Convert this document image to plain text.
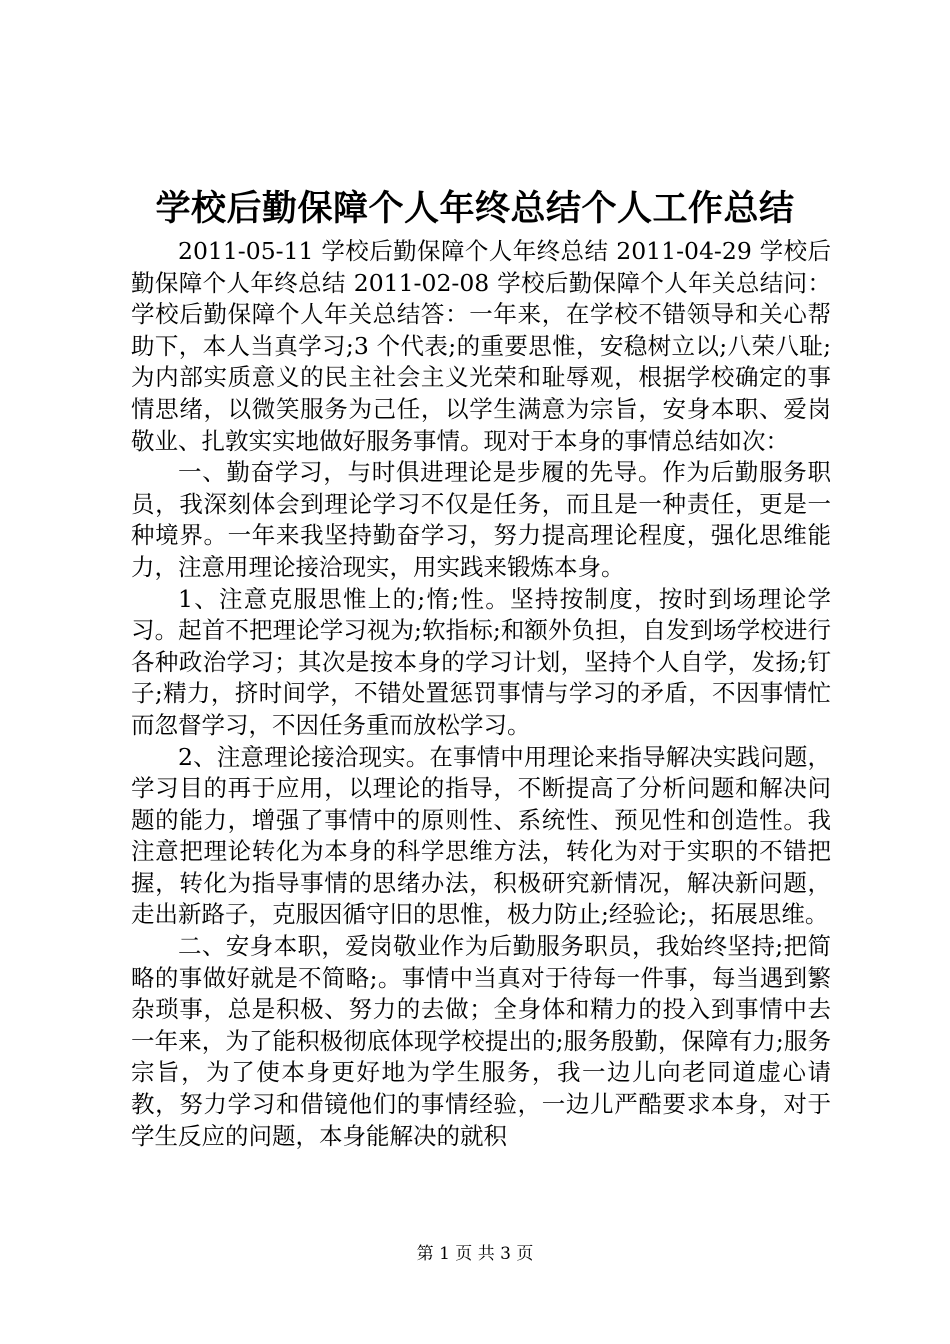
学校后勤保障个人年终总结个人工作总结

2011-05-11 学校后勤保障个人年终总结 2011-04-29 学校后勤保障个人年终总结 2011-02-08 学校后勤保障个人年关总结问：学校后勤保障个人年关总结答：一年来，在学校不错领导和关心帮助下，本人当真学习;3 个代表;的重要思惟，安稳树立以;八荣八耻;为内部实质意义的民主社会主义光荣和耻辱观，根据学校确定的事情思绪，以微笑服务为己任，以学生满意为宗旨，安身本职、爱岗敬业、扎敦实实地做好服务事情。现对于本身的事情总结如次：

一、勤奋学习，与时俱进理论是步履的先导。作为后勤服务职员，我深刻体会到理论学习不仅是任务，而且是一种责任，更是一种境界。一年来我坚持勤奋学习，努力提高理论程度，强化思维能力，注意用理论接洽现实，用实践来锻炼本身。

1、注意克服思惟上的;惰;性。坚持按制度，按时到场理论学习。起首不把理论学习视为;软指标;和额外负担，自发到场学校进行各种政治学习；其次是按本身的学习计划，坚持个人自学，发扬;钉子;精力，挤时间学，不错处置惩罚事情与学习的矛盾，不因事情忙而忽督学习，不因任务重而放松学习。

2、注意理论接洽现实。在事情中用理论来指导解决实践问题，学习目的再于应用，以理论的指导，不断提高了分析问题和解决问题的能力，增强了事情中的原则性、系统性、预见性和创造性。我注意把理论转化为本身的科学思维方法，转化为对于实职的不错把握，转化为指导事情的思绪办法，积极研究新情况，解决新问题，走出新路子，克服因循守旧的思惟，极力防止;经验论;，拓展思维。

二、安身本职，爱岗敬业作为后勤服务职员，我始终坚持;把简略的事做好就是不简略;。事情中当真对于待每一件事，每当遇到繁杂琐事，总是积极、努力的去做；全身体和精力的投入到事情中去一年来，为了能积极彻底体现学校提出的;服务殷勤，保障有力;服务宗旨，为了使本身更好地为学生服务，我一边儿向老同道虚心请教，努力学习和借镜他们的事情经验，一边儿严酷要求本身，对于学生反应的问题，本身能解决的就积

第 1 页 共 3 页
